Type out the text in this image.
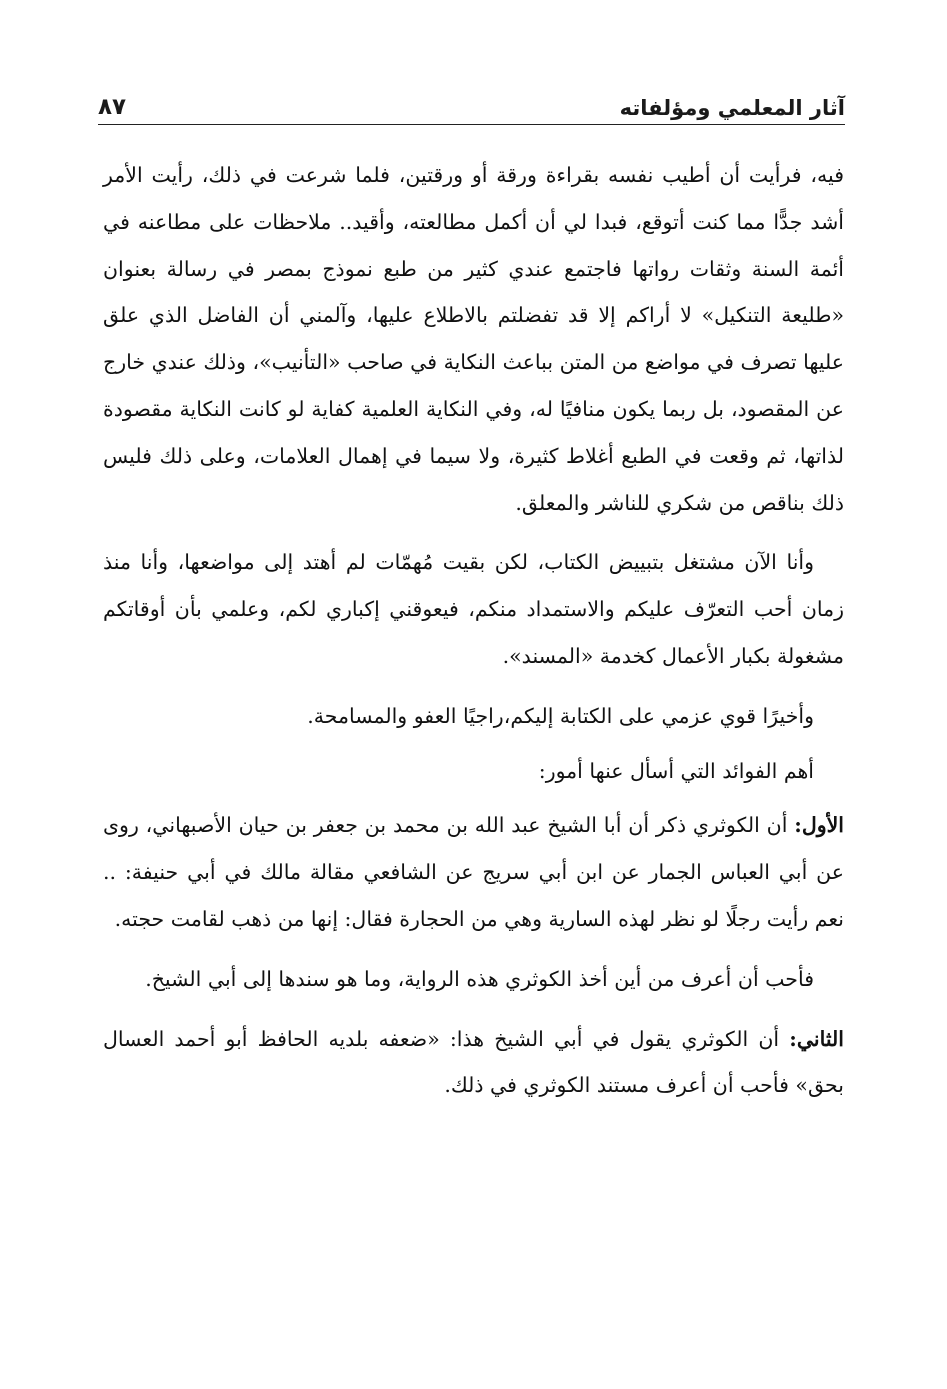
آثار المعلمي ومؤلفاته
٨٧

فيه، فرأيت أن أطيب نفسه بقراءة ورقة أو ورقتين، فلما شرعت في ذلك، رأيت الأمر أشد جدًّا مما كنت أتوقع، فبدا لي أن أكمل مطالعته، وأقيد.. ملاحظات على مطاعنه في أئمة السنة وثقات رواتها فاجتمع عندي كثير من طبع نموذج بمصر في رسالة بعنوان «طليعة التنكيل» لا أراكم إلا قد تفضلتم بالاطلاع عليها، وآلمني أن الفاضل الذي علق عليها تصرف في مواضع من المتن بباعث النكاية في صاحب «التأنيب»، وذلك عندي خارج عن المقصود، بل ربما يكون منافيًا له، وفي النكاية العلمية كفاية لو كانت النكاية مقصودة لذاتها، ثم وقعت في الطبع أغلاط كثيرة، ولا سيما في إهمال العلامات، وعلى ذلك فليس ذلك بناقص من شكري للناشر والمعلق.

وأنا الآن مشتغل بتبييض الكتاب، لكن بقيت مُهمّات لم أهتد إلى مواضعها، وأنا منذ زمان أحب التعرّف عليكم والاستمداد منكم، فيعوقني إكباري لكم، وعلمي بأن أوقاتكم مشغولة بكبار الأعمال كخدمة «المسند».

وأخيرًا قوي عزمي على الكتابة إليكم،راجيًا العفو والمسامحة.

أهم الفوائد التي أسأل عنها أمور:

الأول: أن الكوثري ذكر أن أبا الشيخ عبد الله بن محمد بن جعفر بن حيان الأصبهاني، روى عن أبي العباس الجمار عن ابن أبي سريج عن الشافعي مقالة مالك في أبي حنيفة: .. نعم رأيت رجلًا لو نظر لهذه السارية وهي من الحجارة فقال: إنها من ذهب لقامت حجته.

فأحب أن أعرف من أين أخذ الكوثري هذه الرواية، وما هو سندها إلى أبي الشيخ.

الثاني: أن الكوثري يقول في أبي الشيخ هذا: «ضعفه بلديه الحافظ أبو أحمد العسال بحق» فأحب أن أعرف مستند الكوثري في ذلك.
